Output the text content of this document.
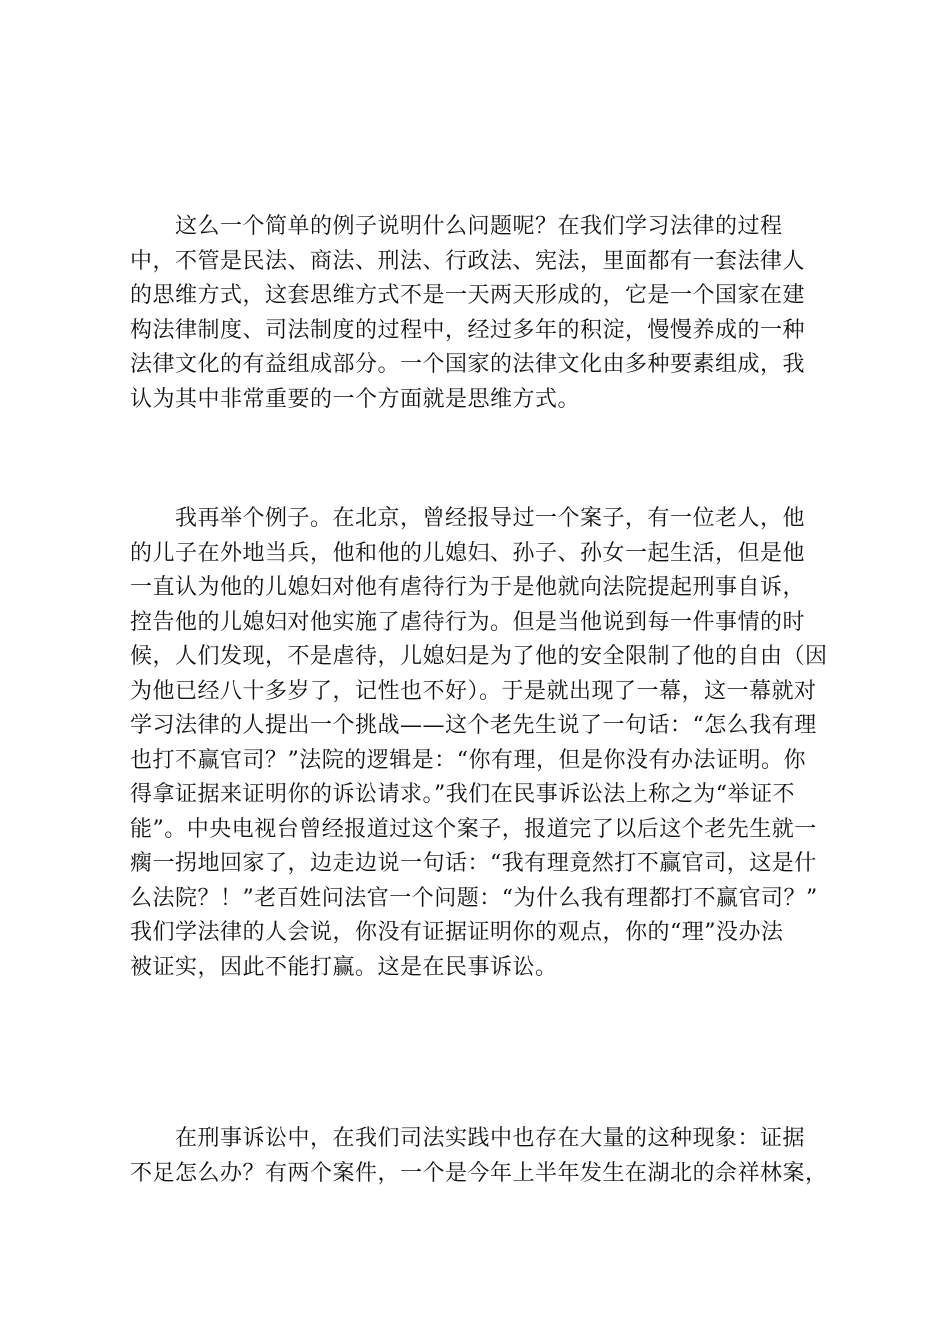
　　这么一个简单的例子说明什么问题呢？在我们学习法律的过程
中，不管是民法、商法、刑法、行政法、宪法，里面都有一套法律人
的思维方式，这套思维方式不是一天两天形成的，它是一个国家在建
构法律制度、司法制度的过程中，经过多年的积淀，慢慢养成的一种
法律文化的有益组成部分。一个国家的法律文化由多种要素组成，我
认为其中非常重要的一个方面就是思维方式。
　　我再举个例子。在北京，曾经报导过一个案子，有一位老人，他
的儿子在外地当兵，他和他的儿媳妇、孙子、孙女一起生活，但是他
一直认为他的儿媳妇对他有虐待行为于是他就向法院提起刑事自诉，
控告他的儿媳妇对他实施了虐待行为。但是当他说到每一件事情的时
候，人们发现，不是虐待，儿媳妇是为了他的安全限制了他的自由（因
为他已经八十多岁了，记性也不好）。于是就出现了一幕，这一幕就对
学习法律的人提出一个挑战——这个老先生说了一句话：“怎么我有理
也打不赢官司？”法院的逻辑是：“你有理，但是你没有办法证明。你
得拿证据来证明你的诉讼请求。”我们在民事诉讼法上称之为“举证不
能”。中央电视台曾经报道过这个案子，报道完了以后这个老先生就一
瘸一拐地回家了，边走边说一句话：“我有理竟然打不赢官司，这是什
么法院？！”老百姓问法官一个问题：“为什么我有理都打不赢官司？”
我们学法律的人会说，你没有证据证明你的观点，你的“理”没办法
被证实，因此不能打赢。这是在民事诉讼。
　　在刑事诉讼中，在我们司法实践中也存在大量的这种现象：证据
不足怎么办？有两个案件，一个是今年上半年发生在湖北的佘祥林案，
